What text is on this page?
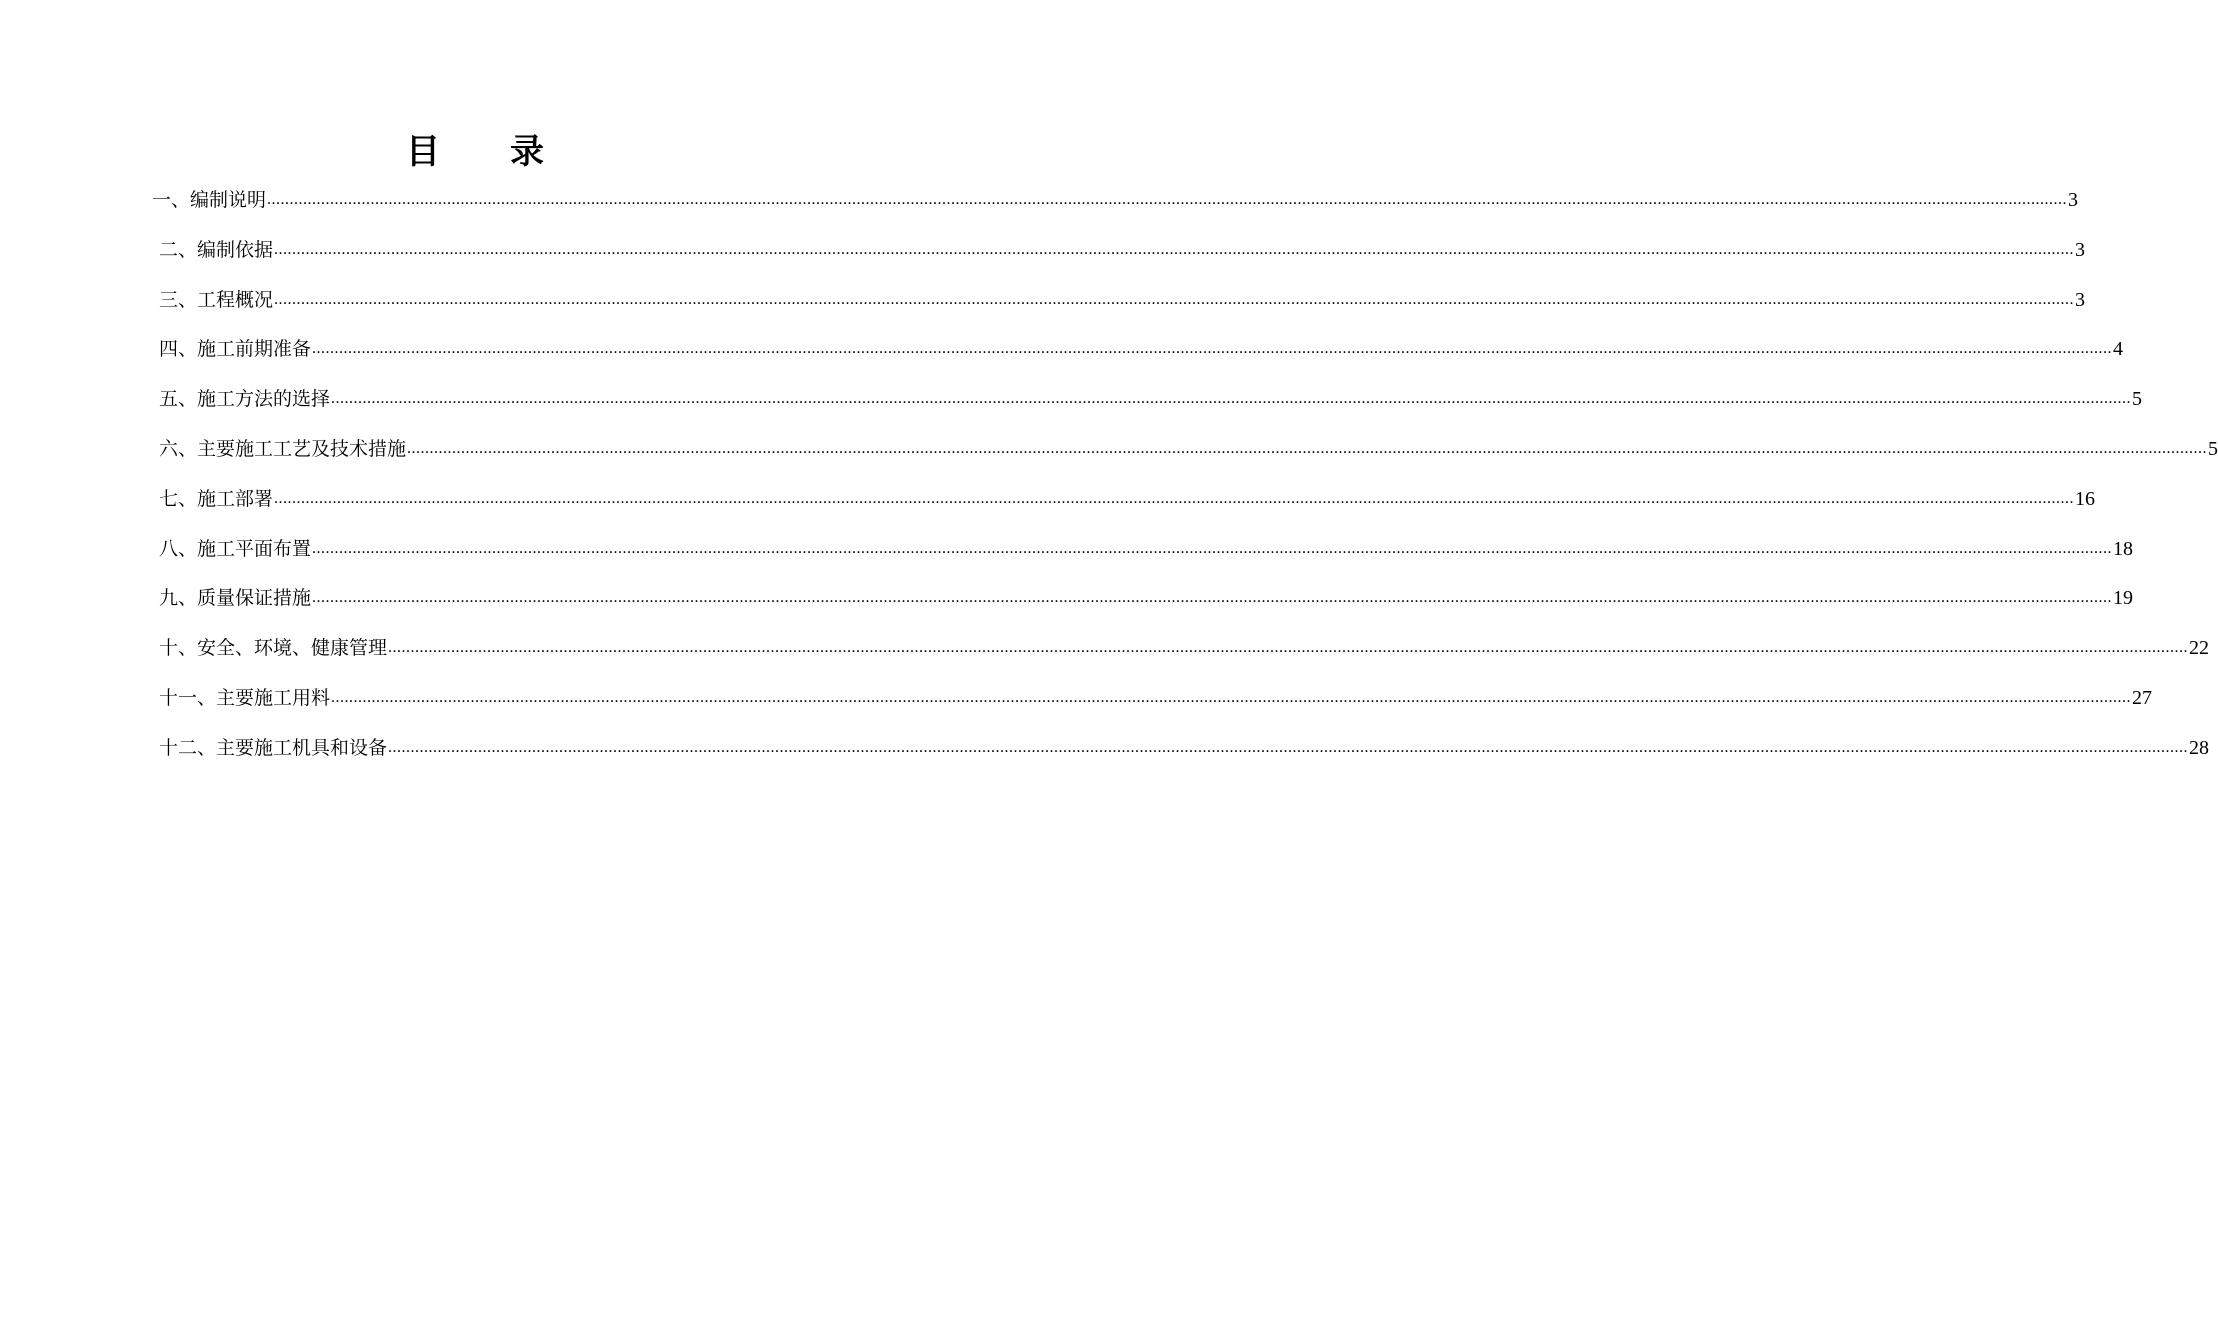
目 录
一、编制说明 ................................................................................................................................................................................................................................................................................................................................................................................................................ 3
二、编制依据 ................................................................................................................................................................................................................................................................................................................................................................................................................ 3
三、工程概况 ................................................................................................................................................................................................................................................................................................................................................................................................................ 3
四、施工前期准备 ................................................................................................................................................................................................................................................................................................................................................................................................................ 4
五、施工方法的选择 ................................................................................................................................................................................................................................................................................................................................................................................................................ 5
六、主要施工工艺及技术措施 ................................................................................................................................................................................................................................................................................................................................................................................................................ 5
七、施工部署 ................................................................................................................................................................................................................................................................................................................................................................................................................ 16
八、施工平面布置 ................................................................................................................................................................................................................................................................................................................................................................................................................ 18
九、质量保证措施 ................................................................................................................................................................................................................................................................................................................................................................................................................ 19
十、安全、环境、健康管理 ................................................................................................................................................................................................................................................................................................................................................................................................................ 22
十一、主要施工用料 ................................................................................................................................................................................................................................................................................................................................................................................................................ 27
十二、主要施工机具和设备 ................................................................................................................................................................................................................................................................................................................................................................................................................ 28
